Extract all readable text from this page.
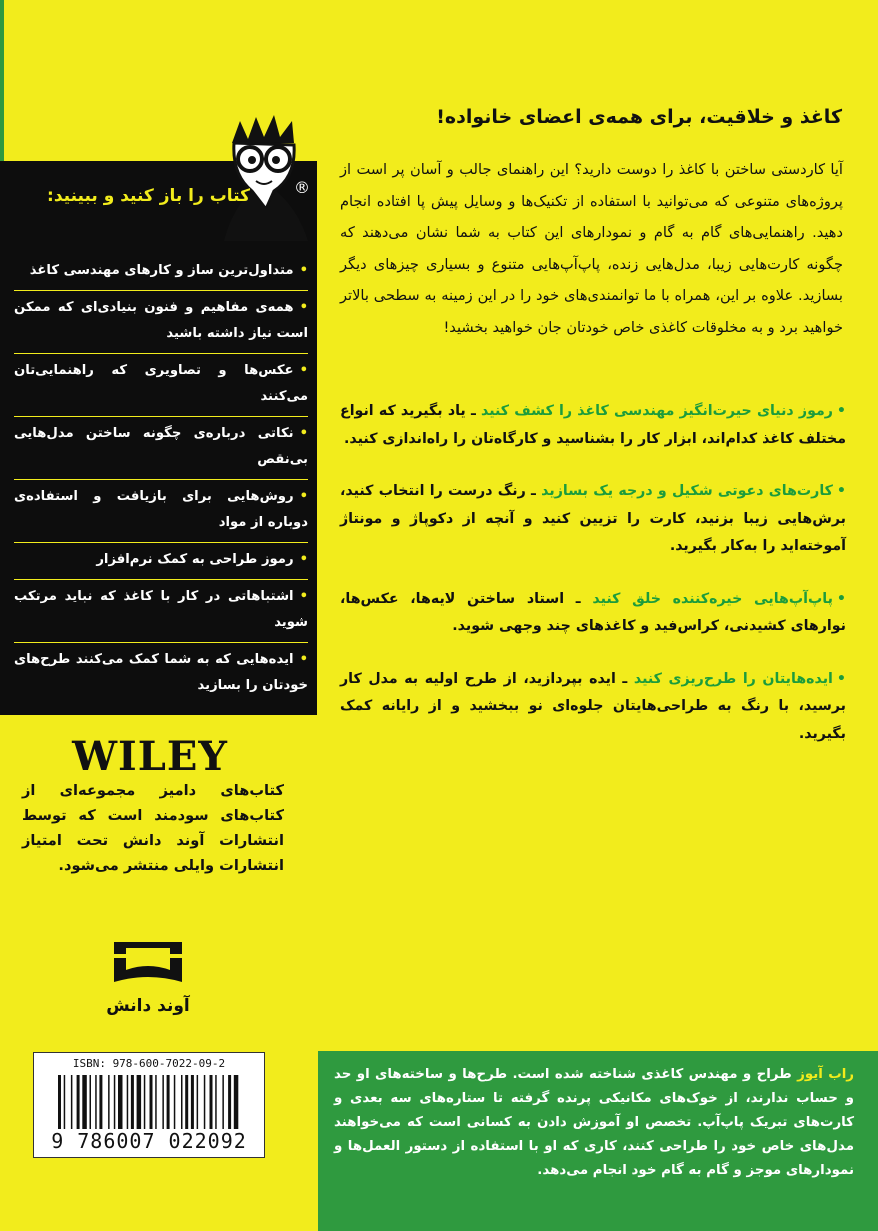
کاغذ و خلاقیت، برای همه‌ی اعضای خانواده!

آیا کاردستی ساختن با کاغذ را دوست دارید؟ این راهنمای جالب و آسان پر است از پروژه‌های متنوعی که می‌توانید با استفاده از تکنیک‌ها و وسایل پیش پا افتاده انجام دهید. راهنمایی‌های گام به گام و نمودارهای این کتاب به شما نشان می‌دهند که چگونه کارت‌هایی زیبا، مدل‌هایی زنده، پاپ‌آپ‌هایی متنوع و بسیاری چیزهای دیگر بسازید. علاوه بر این، همراه با ما توانمندی‌های خود را در این زمینه به سطحی بالاتر خواهید برد و به مخلوقات کاغذی خاص خودتان جان خواهید بخشید!

•رموز دنیای حیرت‌انگیز مهندسی کاغذ را کشف کنید ـ یاد بگیرید که انواع مختلف کاغذ کدام‌اند، ابزار کار را بشناسید و کارگاه‌تان را راه‌اندازی کنید.
•کارت‌های دعوتی شکیل و درجه یک بسازید ـ رنگ درست را انتخاب کنید، برش‌هایی زیبا بزنید، کارت را تزیین کنید و آنچه از دکوپاژ و مونتاژ آموخته‌اید را به‌کار بگیرید.
•پاپ‌آپ‌هایی خیره‌کننده خلق کنید ـ استاد ساختن لایه‌ها، عکس‌ها، نوارهای کشیدنی، کراس‌فید و کاغذهای چند وجهی شوید.
•ایده‌هایتان را طرح‌ریزی کنید ـ ایده بپردازید، از طرح اولیه به مدل کار برسید، با رنگ به طراحی‌هایتان جلوه‌ای نو ببخشید و از رایانه کمک بگیرید.
®
کتاب را باز کنید و ببینید:
•متداول‌ترین ساز و کارهای مهندسی کاغذ
•همه‌ی مفاهیم و فنون بنیادی‌ای که ممکن است نیاز داشته باشید
•عکس‌ها و تصاویری که راهنمایی‌تان می‌کنند
•نکاتی درباره‌ی چگونه ساختن مدل‌هایی بی‌نقص
•روش‌هایی برای بازیافت و استفاده‌ی دوباره از مواد
•رموز طراحی به کمک نرم‌افزار
•اشتباهاتی در کار با کاغذ که نباید مرتکب شوید
•ایده‌هایی که به شما کمک می‌کنند طرح‌های خودتان را بسازید
WILEY

کتاب‌های دامیز مجموعه‌ای از کتاب‌های سودمند است که توسط انتشارات آوند دانش تحت امتیاز انتشارات وایلی منتشر می‌شود.

آوند دانش
ISBN: 978-600-7022-09-2
9 786007 022092

راب آیوز طراح و مهندس کاغذی شناخته شده است. طرح‌ها و ساخته‌های او حد و حساب ندارند، از خوک‌های مکانیکی پرنده گرفته تا ستاره‌های سه بعدی و کارت‌های تبریک پاپ‌آپ. تخصص او آموزش دادن به کسانی است که می‌خواهند مدل‌های خاص خود را طراحی کنند، کاری که او با استفاده از دستور العمل‌ها و نمودارهای موجز و گام به گام خود انجام می‌دهد.
